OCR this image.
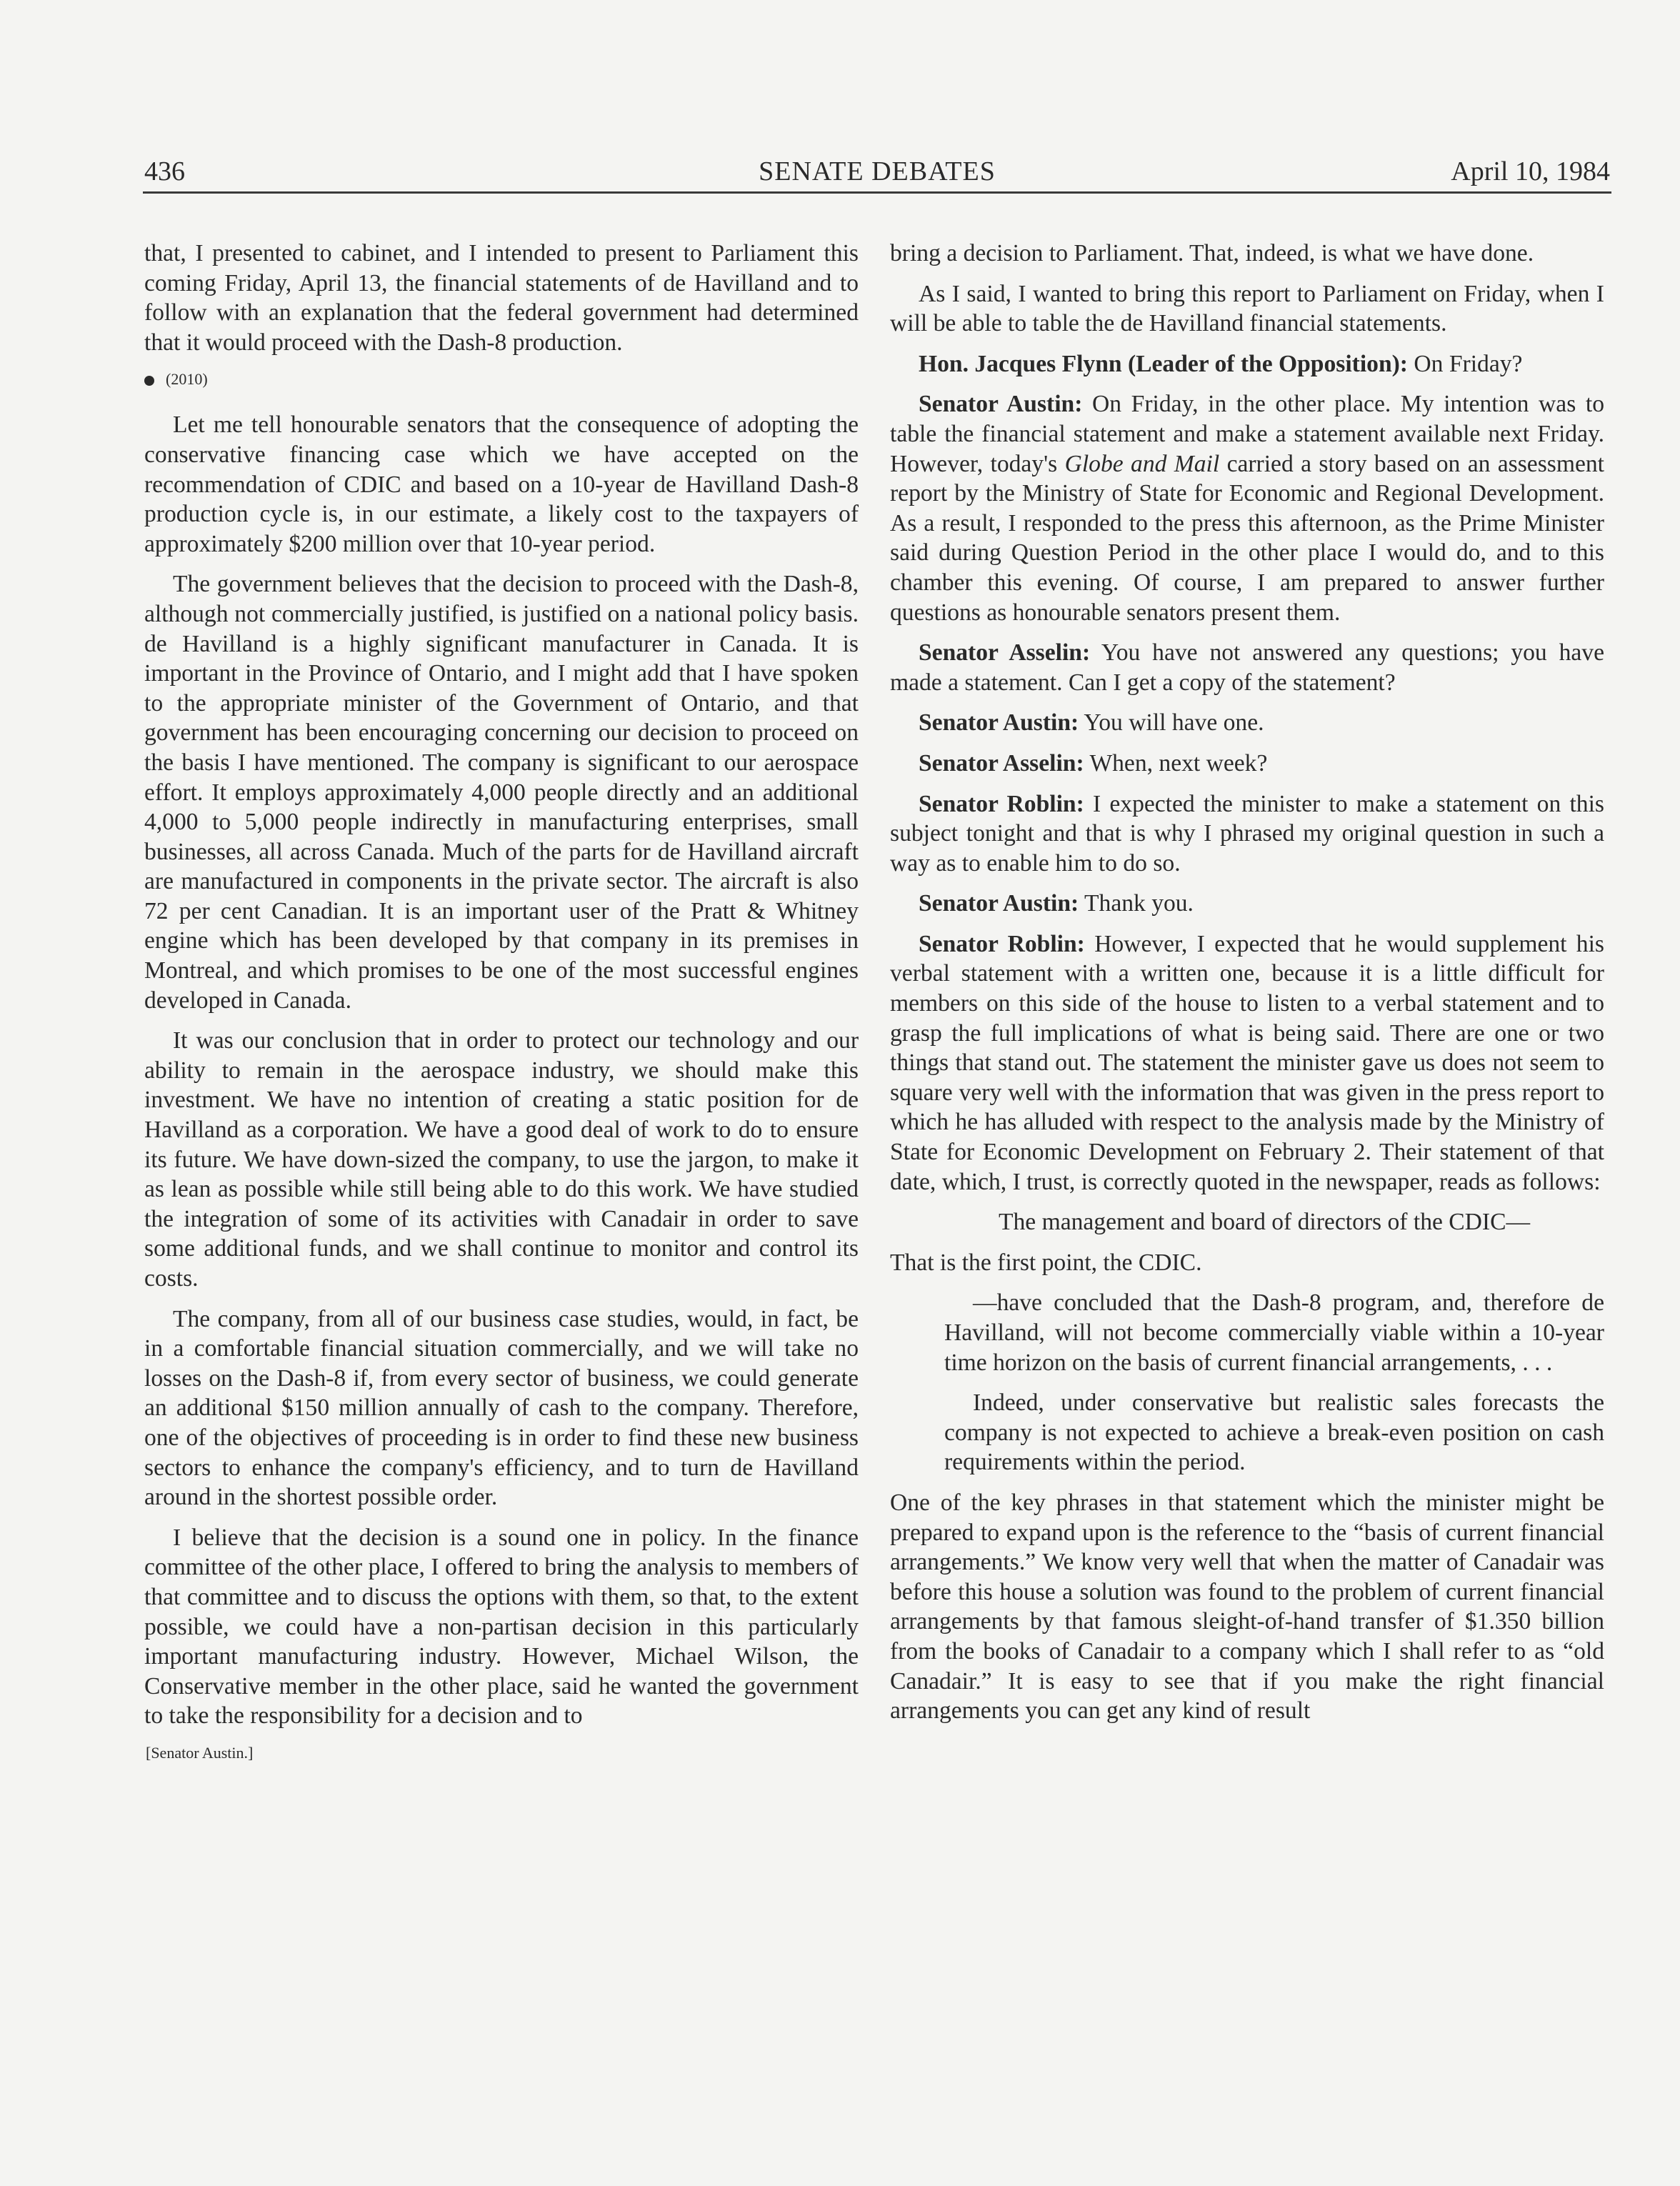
436	SENATE DEBATES	April 10, 1984

that, I presented to cabinet, and I intended to present to Parliament this coming Friday, April 13, the financial statements of de Havilland and to follow with an explanation that the federal government had determined that it would proceed with the Dash-8 production.

(2010)

Let me tell honourable senators that the consequence of adopting the conservative financing case which we have accepted on the recommendation of CDIC and based on a 10-year de Havilland Dash-8 production cycle is, in our estimate, a likely cost to the taxpayers of approximately $200 million over that 10-year period.

The government believes that the decision to proceed with the Dash-8, although not commercially justified, is justified on a national policy basis. de Havilland is a highly significant manufacturer in Canada. It is important in the Province of Ontario, and I might add that I have spoken to the appropriate minister of the Government of Ontario, and that government has been encouraging concerning our decision to proceed on the basis I have mentioned. The company is significant to our aerospace effort. It employs approximately 4,000 people directly and an additional 4,000 to 5,000 people indirectly in manufacturing enterprises, small businesses, all across Canada. Much of the parts for de Havilland aircraft are manufactured in components in the private sector. The aircraft is also 72 per cent Canadian. It is an important user of the Pratt & Whitney engine which has been developed by that company in its premises in Montreal, and which promises to be one of the most successful engines developed in Canada.

It was our conclusion that in order to protect our technology and our ability to remain in the aerospace industry, we should make this investment. We have no intention of creating a static position for de Havilland as a corporation. We have a good deal of work to do to ensure its future. We have down-sized the company, to use the jargon, to make it as lean as possible while still being able to do this work. We have studied the integration of some of its activities with Canadair in order to save some additional funds, and we shall continue to monitor and control its costs.

The company, from all of our business case studies, would, in fact, be in a comfortable financial situation commercially, and we will take no losses on the Dash-8 if, from every sector of business, we could generate an additional $150 million annually of cash to the company. Therefore, one of the objectives of proceeding is in order to find these new business sectors to enhance the company's efficiency, and to turn de Havilland around in the shortest possible order.

I believe that the decision is a sound one in policy. In the finance committee of the other place, I offered to bring the analysis to members of that committee and to discuss the options with them, so that, to the extent possible, we could have a non-partisan decision in this particularly important manufacturing industry. However, Michael Wilson, the Conservative member in the other place, said he wanted the government to take the responsibility for a decision and to

[Senator Austin.]

bring a decision to Parliament. That, indeed, is what we have done.

As I said, I wanted to bring this report to Parliament on Friday, when I will be able to table the de Havilland financial statements.

Hon. Jacques Flynn (Leader of the Opposition): On Friday?

Senator Austin: On Friday, in the other place. My intention was to table the financial statement and make a statement available next Friday. However, today's Globe and Mail carried a story based on an assessment report by the Ministry of State for Economic and Regional Development. As a result, I responded to the press this afternoon, as the Prime Minister said during Question Period in the other place I would do, and to this chamber this evening. Of course, I am prepared to answer further questions as honourable senators present them.

Senator Asselin: You have not answered any questions; you have made a statement. Can I get a copy of the statement?

Senator Austin: You will have one.

Senator Asselin: When, next week?

Senator Roblin: I expected the minister to make a statement on this subject tonight and that is why I phrased my original question in such a way as to enable him to do so.

Senator Austin: Thank you.

Senator Roblin: However, I expected that he would supplement his verbal statement with a written one, because it is a little difficult for members on this side of the house to listen to a verbal statement and to grasp the full implications of what is being said. There are one or two things that stand out. The statement the minister gave us does not seem to square very well with the information that was given in the press report to which he has alluded with respect to the analysis made by the Ministry of State for Economic Development on February 2. Their statement of that date, which, I trust, is correctly quoted in the newspaper, reads as follows:

The management and board of directors of the CDIC—

That is the first point, the CDIC.

—have concluded that the Dash-8 program, and, therefore de Havilland, will not become commercially viable within a 10-year time horizon on the basis of current financial arrangements, . . .

Indeed, under conservative but realistic sales forecasts the company is not expected to achieve a break-even position on cash requirements within the period.

One of the key phrases in that statement which the minister might be prepared to expand upon is the reference to the “basis of current financial arrangements.” We know very well that when the matter of Canadair was before this house a solution was found to the problem of current financial arrangements by that famous sleight-of-hand transfer of $1.350 billion from the books of Canadair to a company which I shall refer to as “old Canadair.” It is easy to see that if you make the right financial arrangements you can get any kind of result
